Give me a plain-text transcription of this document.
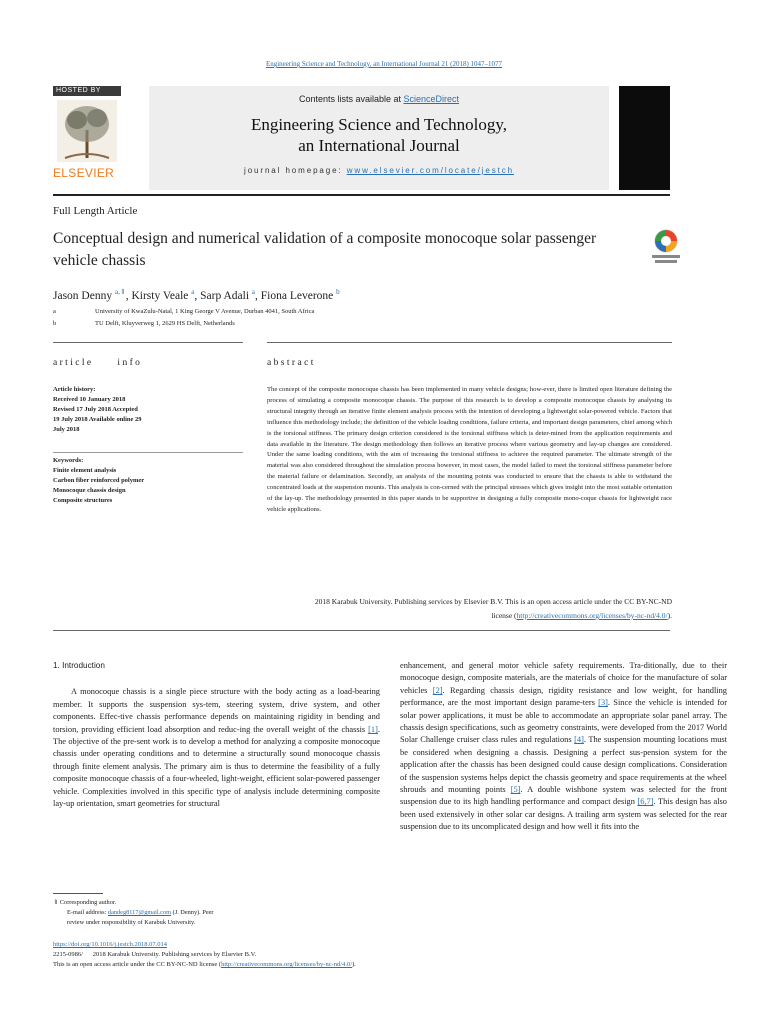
Engineering Science and Technology, an International Journal 21 (2018) 1047–1077
HOSTED BY
ELSEVIER
Contents lists available at ScienceDirect
Engineering Science and Technology,
an International Journal
journal homepage: www.elsevier.com/locate/jestch
Full Length Article
Conceptual design and numerical validation of a composite monocoque solar passenger vehicle chassis
Jason Denny $^{a,⇑}$, Kirsty Veale $^a$, Sarp Adali $^a$, Fiona Leverone $^b$
a	University of KwaZulu-Natal, 1 King George V Avenue, Durban 4041, South Africa
b	TU Delft, Kluyverweg 1, 2629 HS Delft, Netherlands
article     info	abstract
Article history:
Received 10 January 2018
Revised 17 July 2018 Accepted
19 July 2018 Available online 29
July 2018
Keywords:
Finite element analysis
Carbon fiber reinforced polymer
Monocoque chassis design
Composite structures
The concept of the composite monocoque chassis has been implemented in many vehicle designs; how-ever, there is limited open literature defining the process of simulating a composite monocoque chassis. The purpose of this research is to develop a composite monocoque chassis by analysing its structural integrity through an iterative finite element analysis process with the intention of developing a lightweight solar-powered vehicle. Factors that influence this methodology include; the definition of the vehicle loading conditions, failure criteria, and important design parameters, chief among which is the torsional stiffness. The primary design criterion considered is the torsional stiffness which is deter-mined from the application requirements and data available in the literature. The design methodology then follows an iterative process where various geometry and lay-up changes are considered. Under the same loading conditions, with the aim of increasing the torsional stiffness to achieve the required parameter. The ultimate strength of the material was also considered throughout the simulation process however, in most cases, the model failed to meet the torsional stiffness parameter before the material failure or delamination. Secondly, an analysis of the mounting points was conducted to ensure that the chassis is able to withstand the concentrated loads at the suspension mounts. This analysis is con-cerned with the principal stresses which gives insight into the most suitable orientation of the lay-up. The methodology presented in this paper stands to be supportive in designing a fully composite mono-coque chassis for lightweight race vehicle applications.
2018 Karabuk University. Publishing services by Elsevier B.V. This is an open access article under the CC BY-NC-ND
license (http://creativecommons.org/licenses/by-nc-nd/4.0/).
1. Introduction
A monocoque chassis is a single piece structure with the body acting as a load-bearing member. It supports the suspension sys-tem, steering system, drive system, and other components. Effec-tive chassis performance depends on maintaining rigidity in bending and torsion, providing efficient load absorption and reduc-ing the overall weight of the chassis [1]. The objective of the pre-sent work is to develop a method for analyzing a composite monocoque chassis under operating conditions and to determine a structurally sound monocoque chassis through finite element analysis. The primary aim is thus to determine the feasibility of a fully composite monocoque chassis of a four-wheeled, light-weight, efficient solar-powered passenger vehicle. Complexities involved in this specific type of analysis include determining composite lay-up orientation, smart geometries for structural
enhancement, and general motor vehicle safety requirements. Tra-ditionally, due to their monocoque design, composite materials, are the materials of choice for the manufacture of solar vehicles [2]. Regarding chassis design, rigidity resistance and low weight, for handling performance, are the most important design parame-ters [3]. Since the vehicle is intended for solar power applications, it must be able to accommodate an appropriate solar panel array. The chassis design specifications, such as geometry constraints, were developed from the 2017 World Solar Challenge cruiser class rules and regulations [4]. The suspension mounting locations must be considered when designing a chassis. Designing a perfect sus-pension system for the application after the chassis has been designed could cause design complications. Consideration of the suspension systems helps depict the chassis geometry and space requirements at the wheel shrouds and mounting points [5]. A double wishbone system was selected for the front suspension due to its high handling performance and compact design [6,7]. This design has also been used extensively in other solar car designs. A trailing arm system was selected for the rear suspension due to its uncomplicated design and how well it fits into the
⇑ Corresponding author.
E-mail address: dandeg8117@gmail.com (J. Denny). Peer
review under responsibility of Karabuk University.
https://doi.org/10.1016/j.jestch.2018.07.014
2215-0986/      2018 Karabuk University. Publishing services by Elsevier B.V.
This is an open access article under the CC BY-NC-ND license (http://creativecommons.org/licenses/by-nc-nd/4.0/).
